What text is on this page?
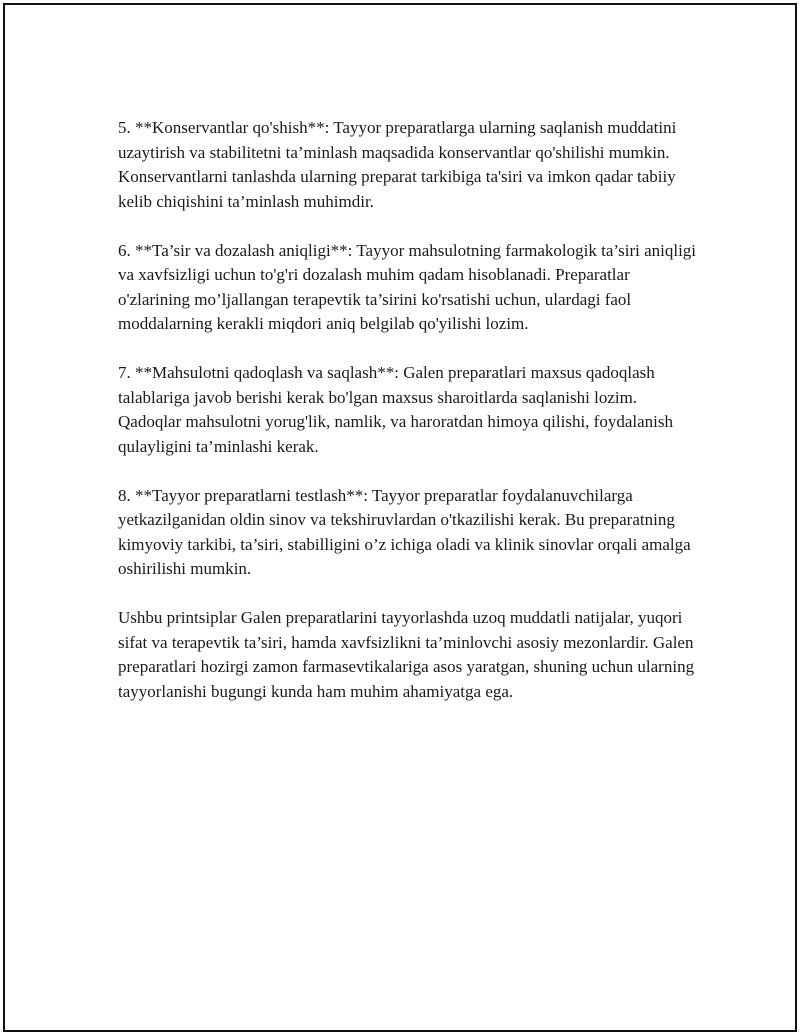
5. **Konservantlar qo'shish**: Tayyor preparatlarga ularning saqlanish muddatini uzaytirish va stabilitetni ta’minlash maqsadida konservantlar qo'shilishi mumkin. Konservantlarni tanlashda ularning preparat tarkibiga ta'siri va imkon qadar tabiiy kelib chiqishini ta’minlash muhimdir.

6. **Ta’sir va dozalash aniqligi**: Tayyor mahsulotning farmakologik ta’siri aniqligi va xavfsizligi uchun to'g'ri dozalash muhim qadam hisoblanadi. Preparatlar o'zlarining mo’ljallangan terapevtik ta’sirini ko'rsatishi uchun, ulardagi faol moddalarning kerakli miqdori aniq belgilab qo'yilishi lozim.

7. **Mahsulotni qadoqlash va saqlash**: Galen preparatlari maxsus qadoqlash talablariga javob berishi kerak bo'lgan maxsus sharoitlarda saqlanishi lozim. Qadoqlar mahsulotni yorug'lik, namlik, va haroratdan himoya qilishi, foydalanish qulayligini ta’minlashi kerak.

8. **Tayyor preparatlarni testlash**: Tayyor preparatlar foydalanuvchilarga yetkazilganidan oldin sinov va tekshiruvlardan o'tkazilishi kerak. Bu preparatning kimyoviy tarkibi, ta’siri, stabilligini o’z ichiga oladi va klinik sinovlar orqali amalga oshirilishi mumkin.

Ushbu printsiplar Galen preparatlarini tayyorlashda uzoq muddatli natijalar, yuqori sifat va terapevtik ta’siri, hamda xavfsizlikni ta’minlovchi asosiy mezonlardir. Galen preparatlari hozirgi zamon farmasevtikalariga asos yaratgan, shuning uchun ularning tayyorlanishi bugungi kunda ham muhim ahamiyatga ega.
